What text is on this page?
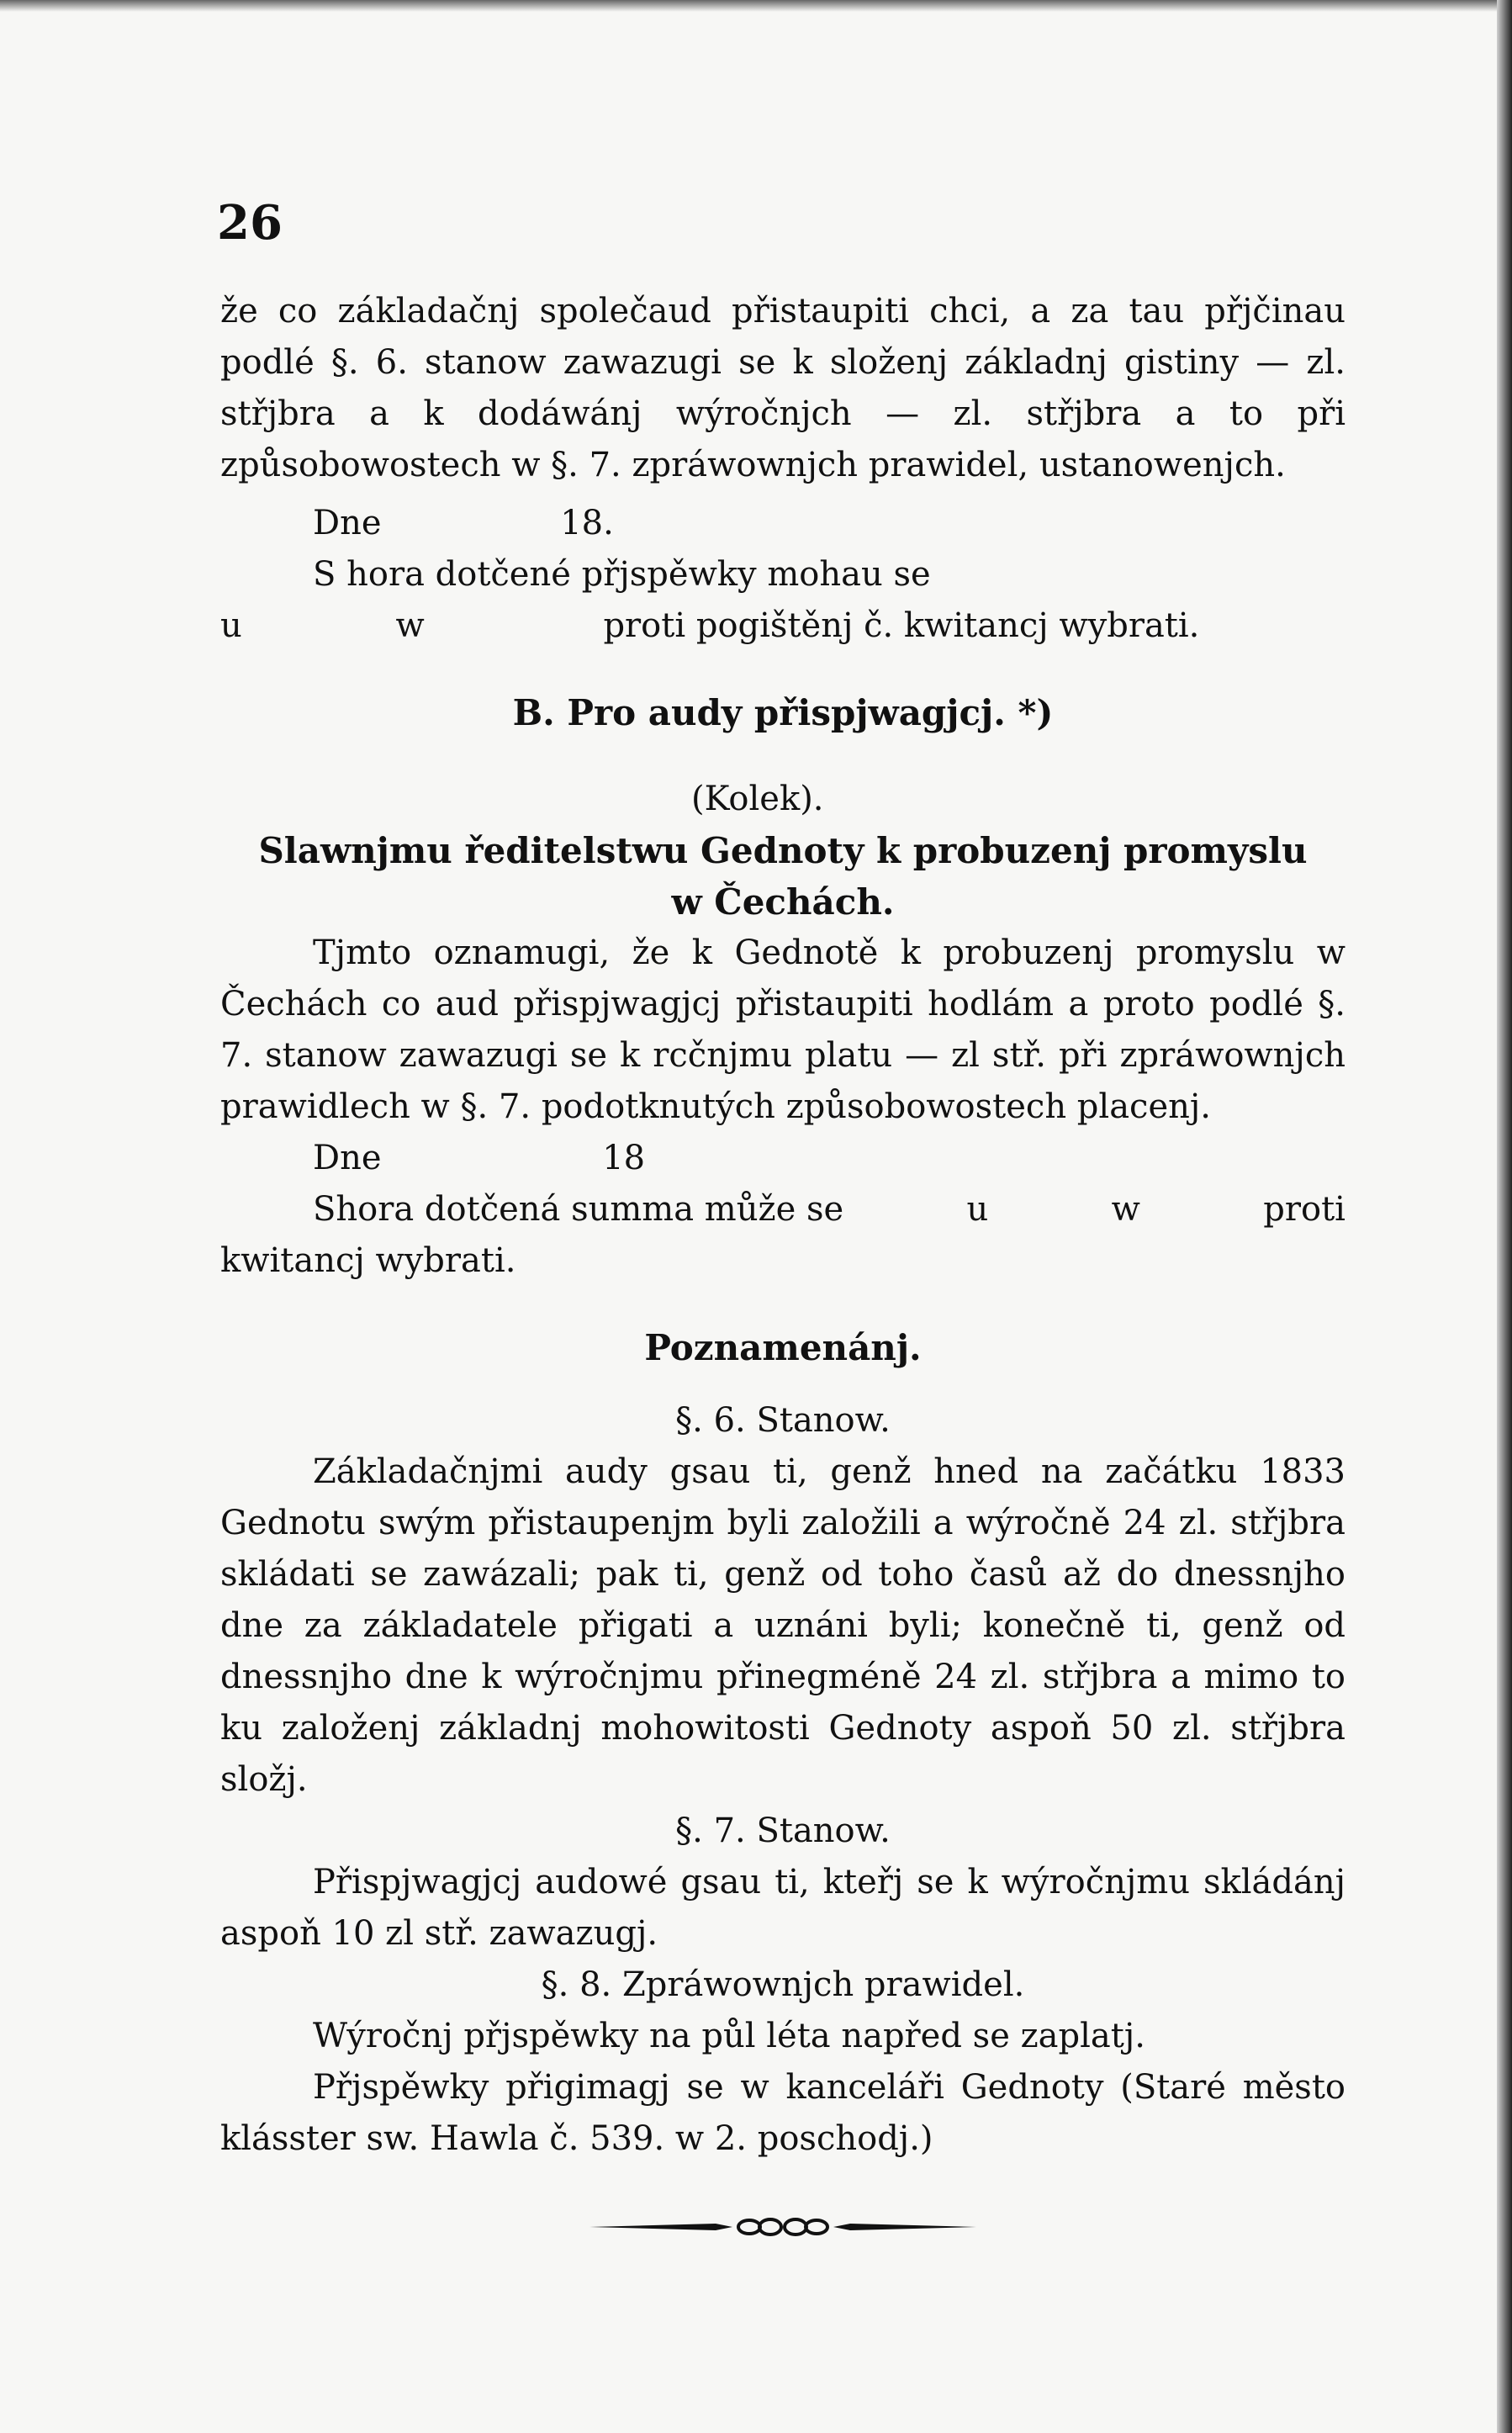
26

že co základačnj společaud přistaupiti chci, a za tau přjčinau podlé §. 6. stanow zawazugi se k složenj základnj gistiny — zl. střjbra a k dodáwánj wýročnjch — zl. střjbra a to při způsobowostech w §. 7. zpráwownjch prawidel, ustanowenjch.

Dne	18.

S hora dotčené přjspěwky mohau se

u	w	proti pogištěnj č. kwitancj wybrati.

B. Pro audy přispjwagjcj. *)

(Kolek).

Slawnjmu ředitelstwu Gednoty k probuzenj promyslu

w Čechách.

Tjmto oznamugi, že k Gednotě k probuzenj promyslu w Čechách co aud přispjwagjcj přistaupiti hodlám a proto podlé §. 7. stanow zawazugi se k rcčnjmu platu — zl stř. při zpráwownjch prawidlech w §. 7. podotknutých způsobowostech placenj.

Dne	18

Shora dotčená summa může se	u	w	proti

kwitancj wybrati.

Poznamenánj.

§. 6. Stanow.

Základačnjmi audy gsau ti, genž hned na začátku 1833 Gednotu swým přistaupenjm byli založili a wýročně 24 zl. střjbra skládati se zawázali; pak ti, genž od toho časů až do dnessnjho dne za základatele přigati a uznáni byli; konečně ti, genž od dnessnjho dne k wýročnjmu přinegméně 24 zl. střjbra a mimo to ku založenj základnj mohowitosti Gednoty aspoň 50 zl. střjbra složj.

§. 7. Stanow.

Přispjwagjcj audowé gsau ti, kteřj se k wýročnjmu skládánj aspoň 10 zl stř. zawazugj.

§. 8. Zpráwownjch prawidel.

Wýročnj přjspěwky na půl léta napřed se zaplatj.

Přjspěwky přigimagj se w kanceláři Gednoty (Staré město klásster sw. Hawla č. 539. w 2. poschodj.)
